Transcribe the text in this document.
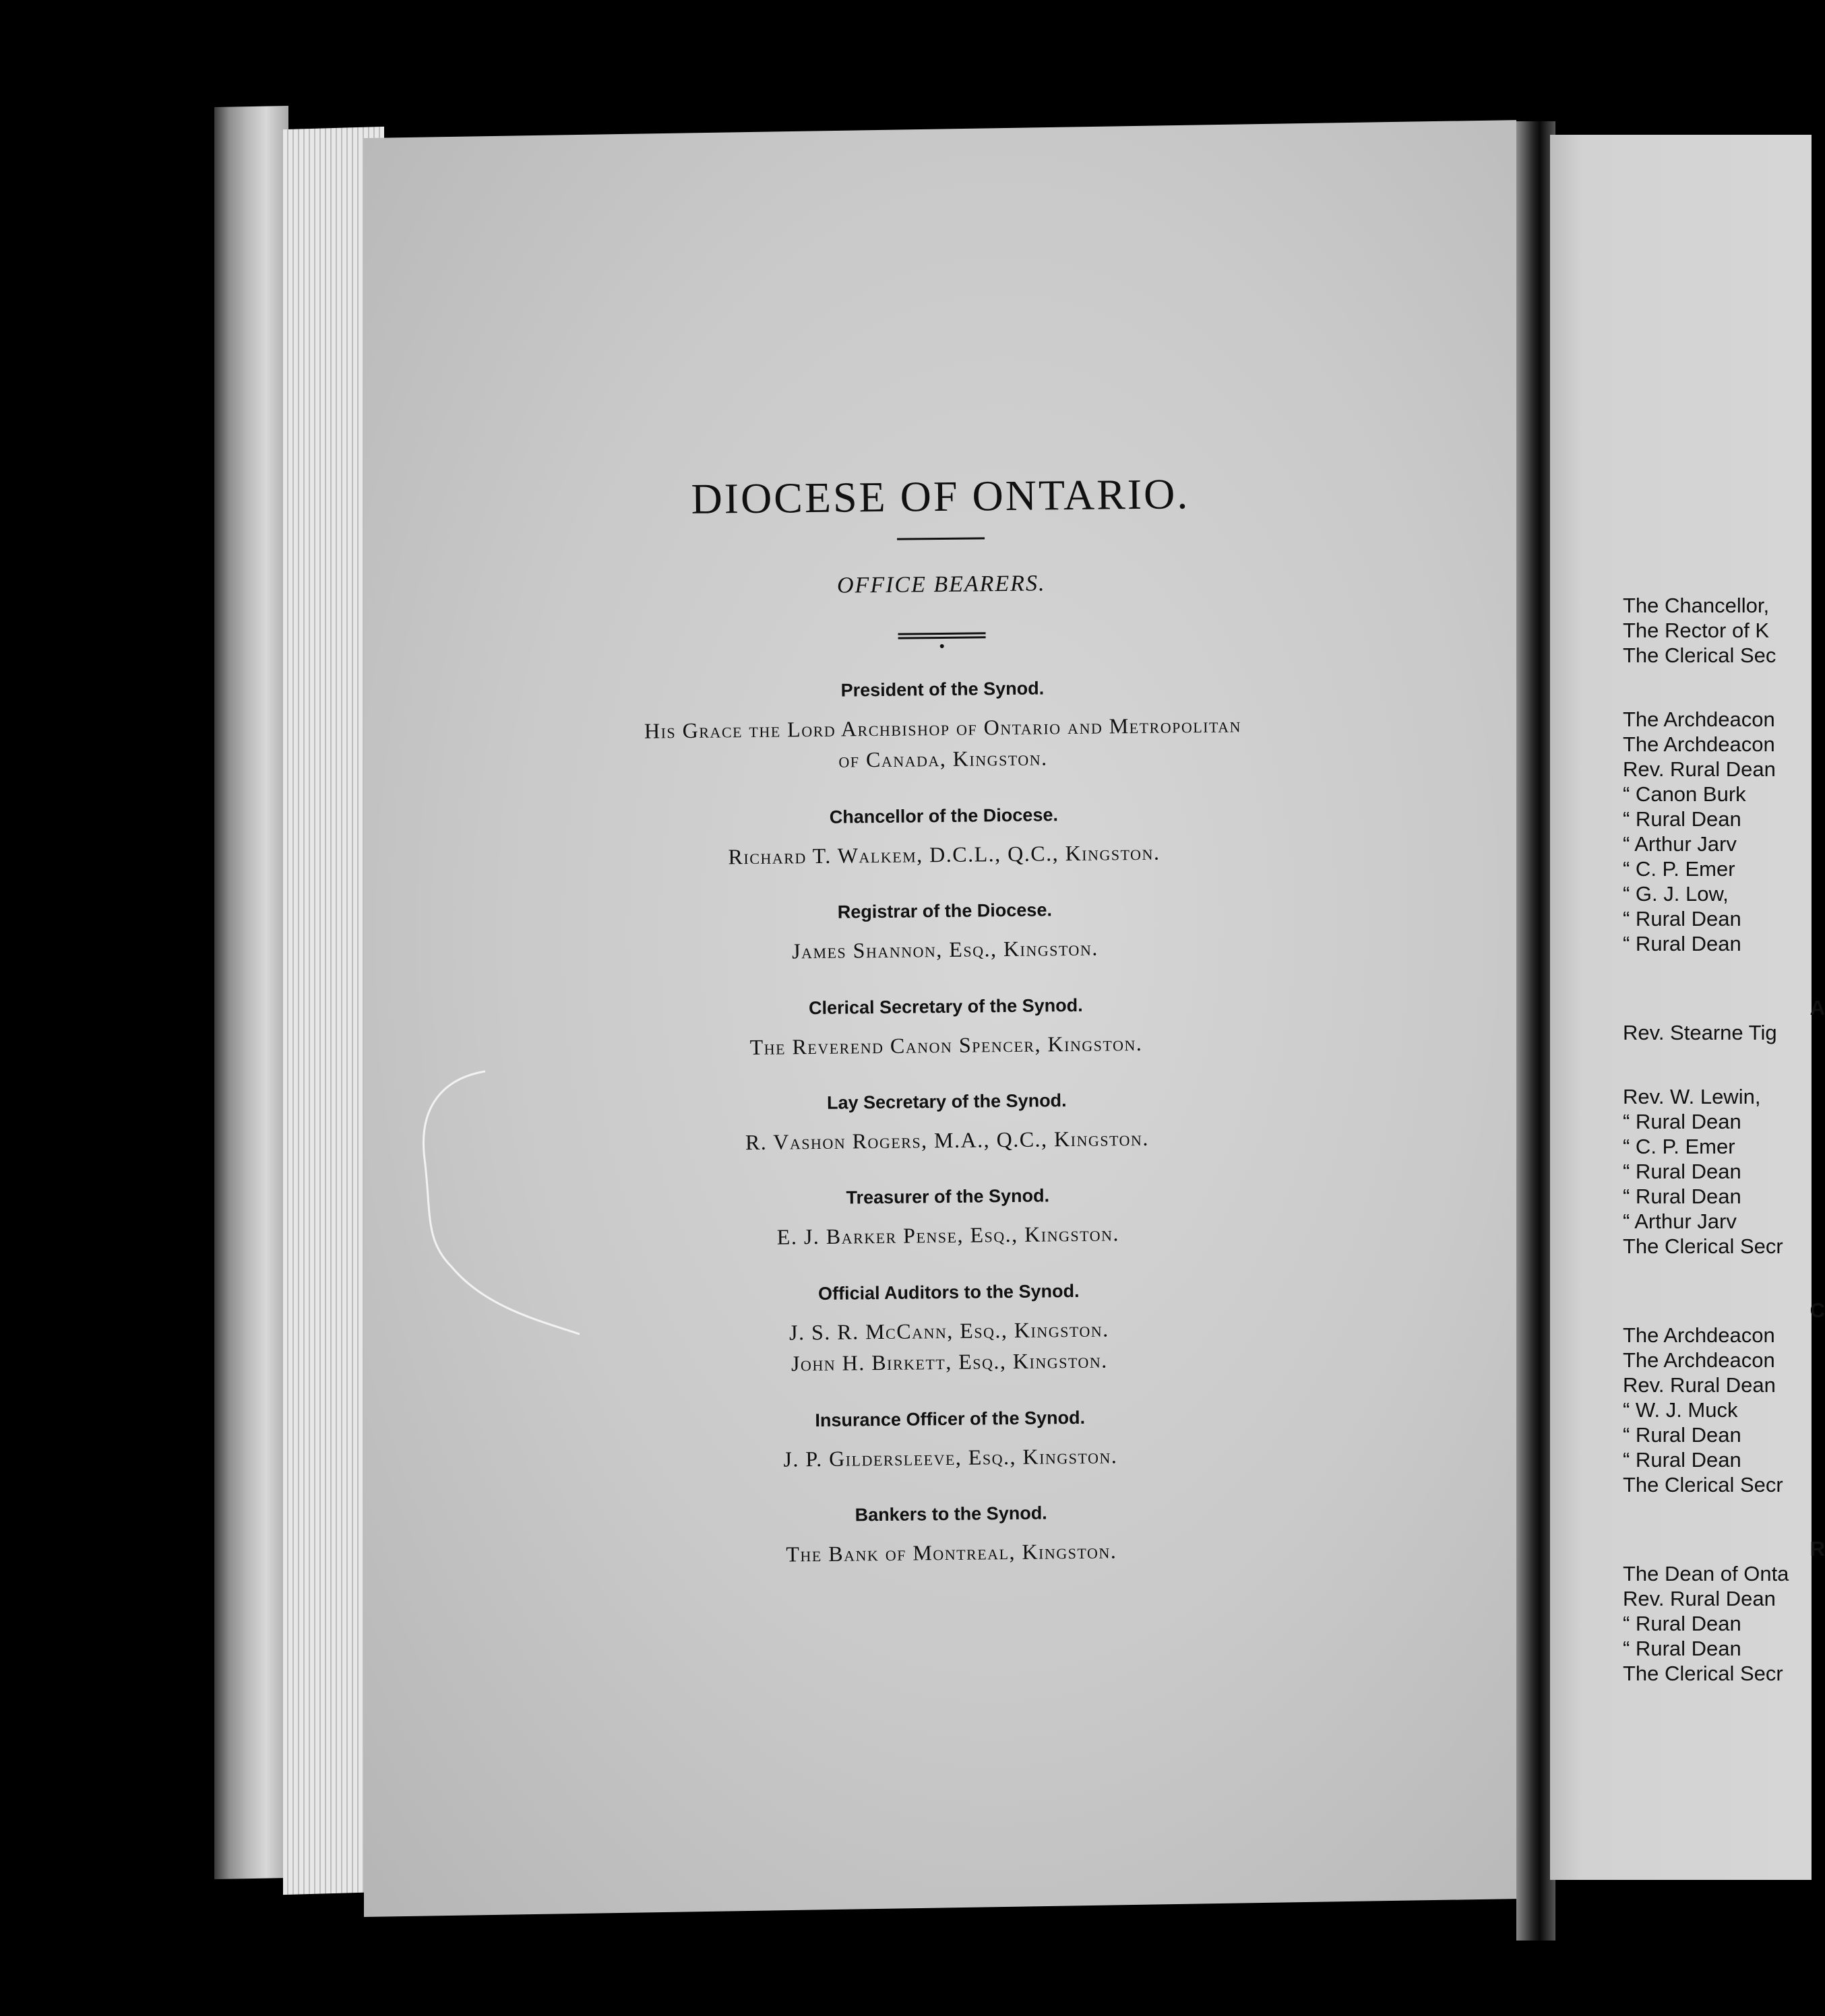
DIOCESE OF ONTARIO.
OFFICE BEARERS.
President of the Synod.
His Grace the Lord Archbishop of Ontario and Metropolitan
of Canada, Kingston.
Chancellor of the Diocese.
Richard T. Walkem, D.C.L., Q.C., Kingston.
Registrar of the Diocese.
James Shannon, Esq., Kingston.
Clerical Secretary of the Synod.
The Reverend Canon Spencer, Kingston.
Lay Secretary of the Synod.
R. Vashon Rogers, M.A., Q.C., Kingston.
Treasurer of the Synod.
E. J. Barker Pense, Esq., Kingston.
Official Auditors to the Synod.
J. S. R. McCann, Esq., Kingston.
John H. Birkett, Esq., Kingston.
Insurance Officer of the Synod.
J. P. Gildersleeve, Esq., Kingston.
Bankers to the Synod.
The Bank of Montreal, Kingston.
The Chancellor,
The Rector of K
The Clerical Sec
The Archdeacon
The Archdeacon
Rev. Rural Dean
“ Canon Burk
“ Rural Dean
“ Arthur Jarv
“ C. P. Emer
“ G. J. Low,
“ Rural Dean
“ Rural Dean
A
Rev. Stearne Tig
Rev. W. Lewin,
“ Rural Dean
“ C. P. Emer
“ Rural Dean
“ Rural Dean
“ Arthur Jarv
The Clerical Secr
C
The Archdeacon
The Archdeacon
Rev. Rural Dean
“ W. J. Muck
“ Rural Dean
“ Rural Dean
The Clerical Secr
R
The Dean of Onta
Rev. Rural Dean
“ Rural Dean
“ Rural Dean
The Clerical Secr
